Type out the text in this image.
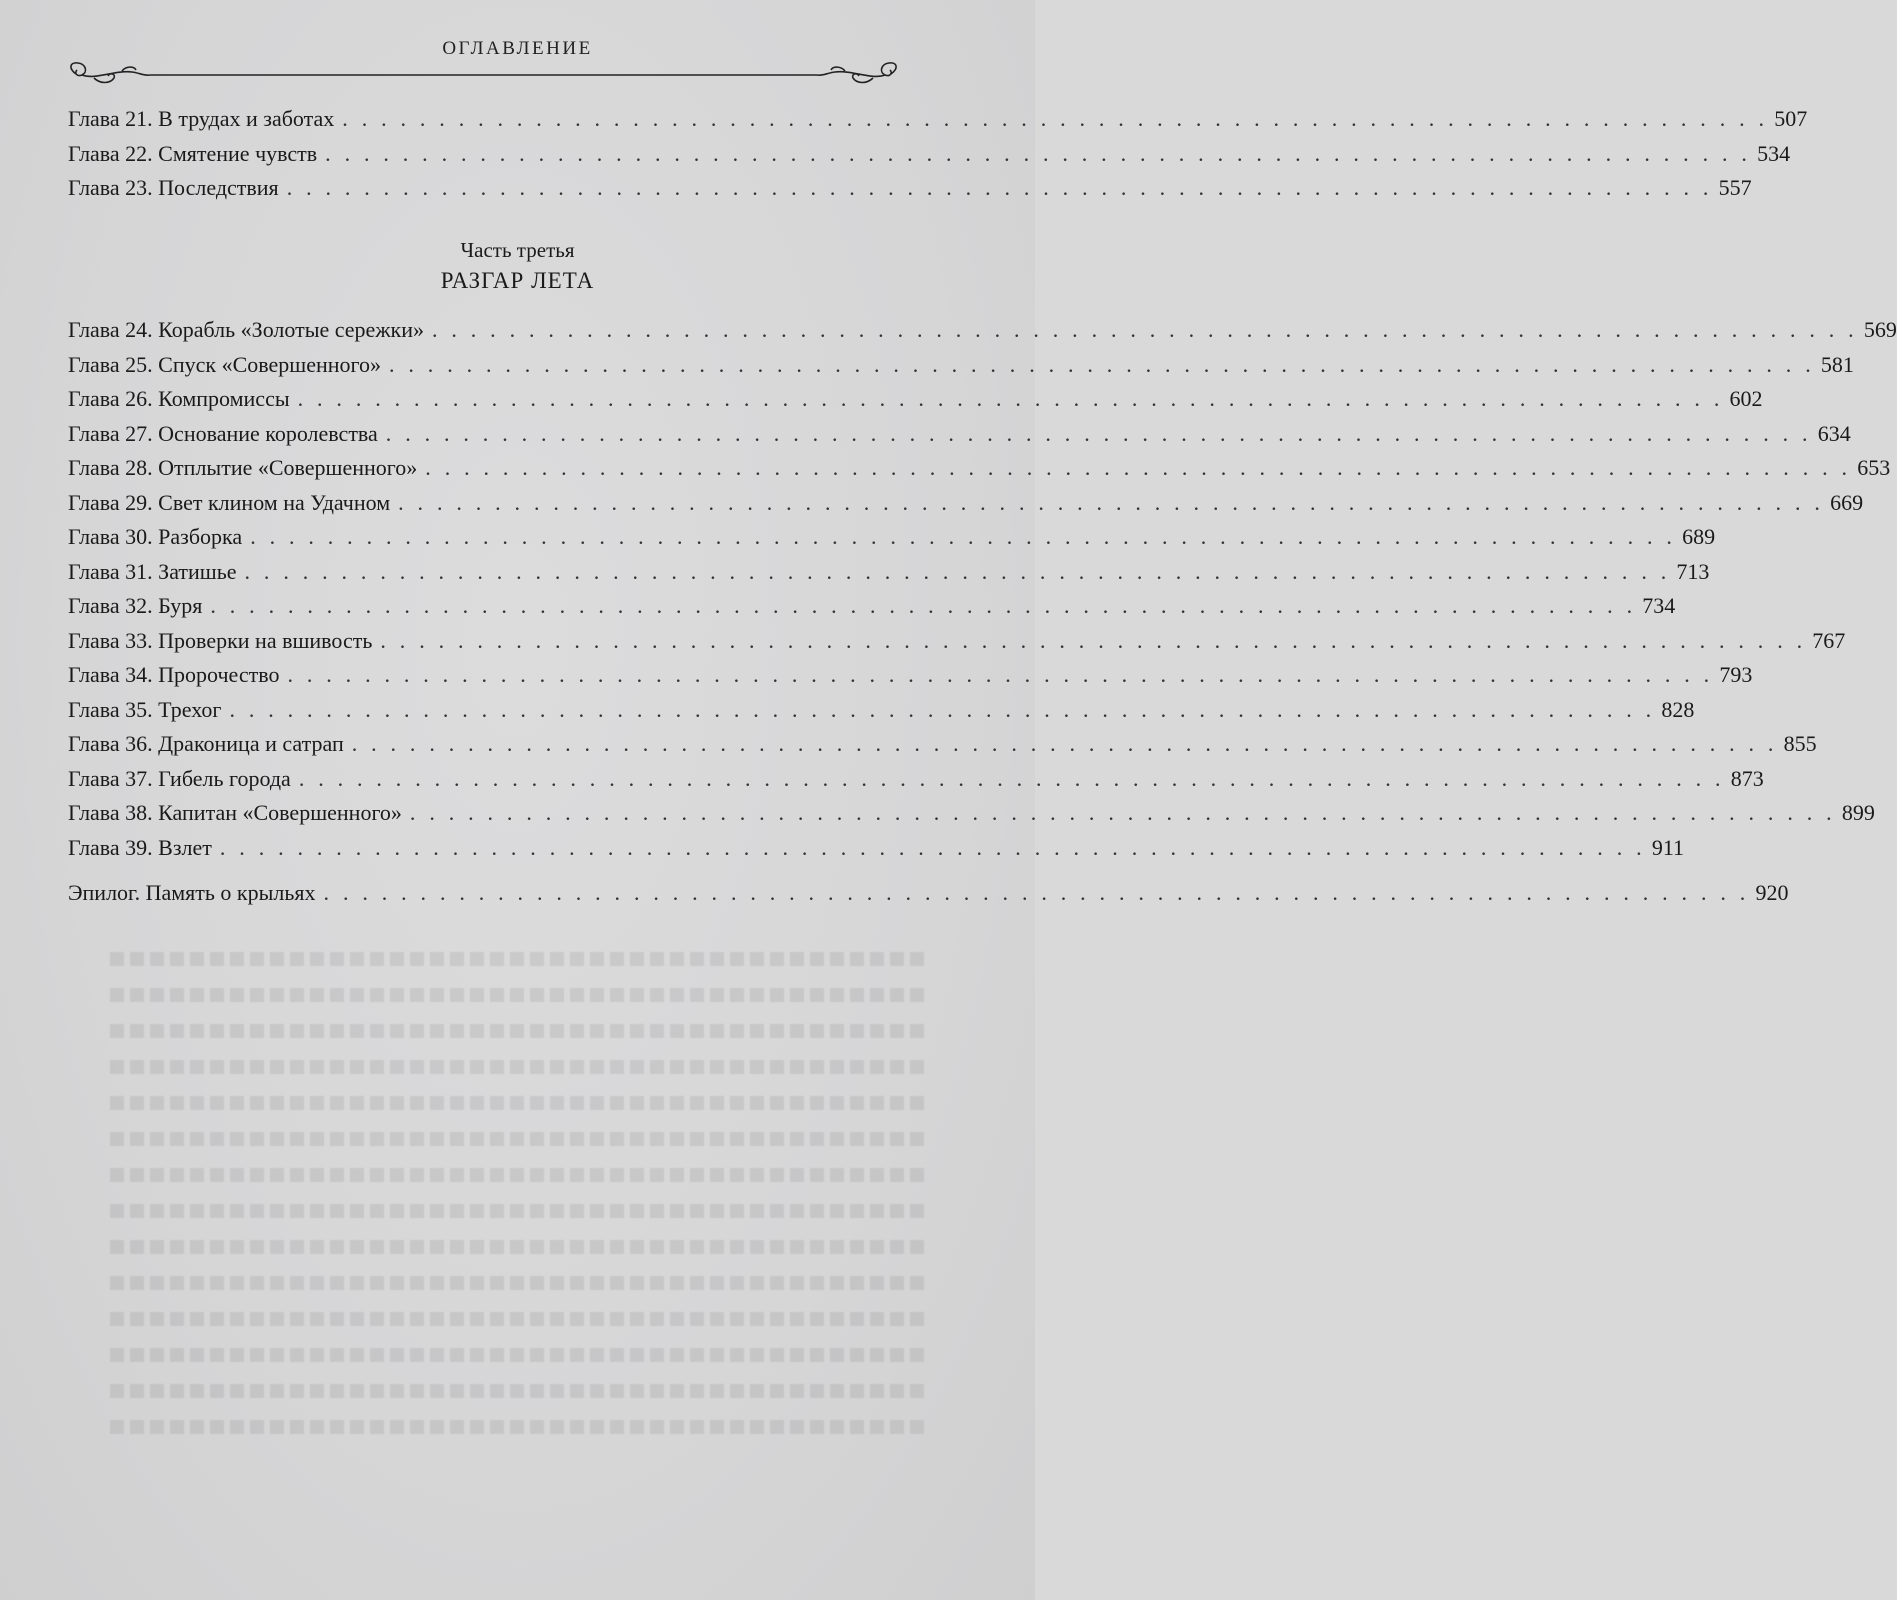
ОГЛАВЛЕНИЕ
Глава 21. В трудах и заботах . . . . . . . . . . . . . . . . . . . . . . . . . . . . . . . . . . . . . . . . . . . . . . . . . . . . . . . . . . . . . . . . . . . . . . . . . . 507
Глава 22. Смятение чувств . . . . . . . . . . . . . . . . . . . . . . . . . . . . . . . . . . . . . . . . . . . . . . . . . . . . . . . . . . . . . . . . . . . . . . . . . . 534
Глава 23. Последствия . . . . . . . . . . . . . . . . . . . . . . . . . . . . . . . . . . . . . . . . . . . . . . . . . . . . . . . . . . . . . . . . . . . . . . . . . . 557
Часть третья
РАЗГАР ЛЕТА
Глава 24. Корабль «Золотые сережки» . . . . . . . . . . . . . . . . . . . . . . . . . . . . . . . . . . . . . . . . . . . . . . . . . . . . . . . . . . . . . . . . . . . . . . . . . . 569
Глава 25. Спуск «Совершенного» . . . . . . . . . . . . . . . . . . . . . . . . . . . . . . . . . . . . . . . . . . . . . . . . . . . . . . . . . . . . . . . . . . . . . . . . . . 581
Глава 26. Компромиссы . . . . . . . . . . . . . . . . . . . . . . . . . . . . . . . . . . . . . . . . . . . . . . . . . . . . . . . . . . . . . . . . . . . . . . . . . . 602
Глава 27. Основание королевства . . . . . . . . . . . . . . . . . . . . . . . . . . . . . . . . . . . . . . . . . . . . . . . . . . . . . . . . . . . . . . . . . . . . . . . . . . 634
Глава 28. Отплытие «Совершенного» . . . . . . . . . . . . . . . . . . . . . . . . . . . . . . . . . . . . . . . . . . . . . . . . . . . . . . . . . . . . . . . . . . . . . . . . . . 653
Глава 29. Свет клином на Удачном . . . . . . . . . . . . . . . . . . . . . . . . . . . . . . . . . . . . . . . . . . . . . . . . . . . . . . . . . . . . . . . . . . . . . . . . . . 669
Глава 30. Разборка . . . . . . . . . . . . . . . . . . . . . . . . . . . . . . . . . . . . . . . . . . . . . . . . . . . . . . . . . . . . . . . . . . . . . . . . . . 689
Глава 31. Затишье . . . . . . . . . . . . . . . . . . . . . . . . . . . . . . . . . . . . . . . . . . . . . . . . . . . . . . . . . . . . . . . . . . . . . . . . . . 713
Глава 32. Буря . . . . . . . . . . . . . . . . . . . . . . . . . . . . . . . . . . . . . . . . . . . . . . . . . . . . . . . . . . . . . . . . . . . . . . . . . . 734
Глава 33. Проверки на вшивость . . . . . . . . . . . . . . . . . . . . . . . . . . . . . . . . . . . . . . . . . . . . . . . . . . . . . . . . . . . . . . . . . . . . . . . . . . 767
Глава 34. Пророчество . . . . . . . . . . . . . . . . . . . . . . . . . . . . . . . . . . . . . . . . . . . . . . . . . . . . . . . . . . . . . . . . . . . . . . . . . . 793
Глава 35. Трехог . . . . . . . . . . . . . . . . . . . . . . . . . . . . . . . . . . . . . . . . . . . . . . . . . . . . . . . . . . . . . . . . . . . . . . . . . . 828
Глава 36. Драконица и сатрап . . . . . . . . . . . . . . . . . . . . . . . . . . . . . . . . . . . . . . . . . . . . . . . . . . . . . . . . . . . . . . . . . . . . . . . . . . 855
Глава 37. Гибель города . . . . . . . . . . . . . . . . . . . . . . . . . . . . . . . . . . . . . . . . . . . . . . . . . . . . . . . . . . . . . . . . . . . . . . . . . . 873
Глава 38. Капитан «Совершенного» . . . . . . . . . . . . . . . . . . . . . . . . . . . . . . . . . . . . . . . . . . . . . . . . . . . . . . . . . . . . . . . . . . . . . . . . . . 899
Глава 39. Взлет . . . . . . . . . . . . . . . . . . . . . . . . . . . . . . . . . . . . . . . . . . . . . . . . . . . . . . . . . . . . . . . . . . . . . . . . . . 911
Эпилог. Память о крыльях . . . . . . . . . . . . . . . . . . . . . . . . . . . . . . . . . . . . . . . . . . . . . . . . . . . . . . . . . . . . . . . . . . . . . . . . . . 920
